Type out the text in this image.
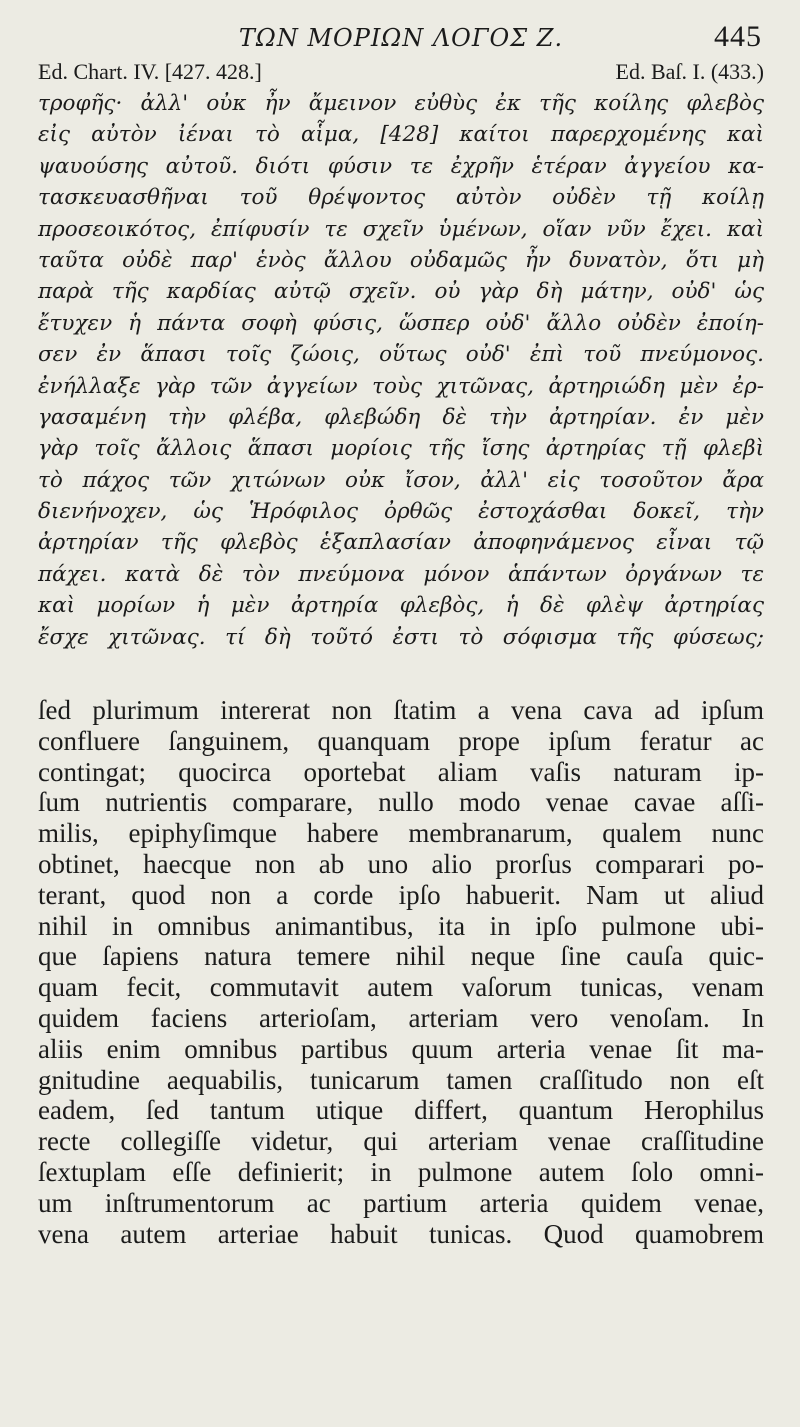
ΤΩΝ ΜΟΡΙΩΝ ΛΟΓΟΣ Ζ.	445
Ed. Chart. IV. [427. 428.]	Ed. Baſ. I. (433.)
τροφῆς· ἀλλ' οὐκ ἦν ἄμεινον εὐθὺς ἐκ τῆς κοίλης φλεβὸς
εἰς αὐτὸν ἰέναι τὸ αἷμα, [428] καίτοι παρερχομένης καὶ
ψαυούσης αὐτοῦ. διότι φύσιν τε ἐχρῆν ἑτέραν ἀγγείου κα-
τασκευασθῆναι τοῦ θρέψοντος αὐτὸν οὐδὲν τῇ κοίλῃ
προσεοικότος, ἐπίφυσίν τε σχεῖν ὑμένων, οἵαν νῦν ἔχει. καὶ
ταῦτα οὐδὲ παρ' ἑνὸς ἄλλου οὐδαμῶς ἦν δυνατὸν, ὅτι μὴ
παρὰ τῆς καρδίας αὐτῷ σχεῖν. οὐ γὰρ δὴ μάτην, οὐδ' ὡς
ἔτυχεν ἡ πάντα σοφὴ φύσις, ὥσπερ οὐδ' ἄλλο οὐδὲν ἐποίη-
σεν ἐν ἅπασι τοῖς ζώοις, οὕτως οὐδ' ἐπὶ τοῦ πνεύμονος.
ἐνήλλαξε γὰρ τῶν ἀγγείων τοὺς χιτῶνας, ἀρτηριώδη μὲν ἐρ-
γασαμένη τὴν φλέβα, φλεβώδη δὲ τὴν ἀρτηρίαν. ἐν μὲν
γὰρ τοῖς ἄλλοις ἅπασι μορίοις τῆς ἴσης ἀρτηρίας τῇ φλεβὶ
τὸ πάχος τῶν χιτώνων οὐκ ἴσον, ἀλλ' εἰς τοσοῦτον ἄρα
διενήνοχεν, ὡς Ἡρόφιλος ὀρθῶς ἐστοχάσθαι δοκεῖ, τὴν
ἀρτηρίαν τῆς φλεβὸς ἑξαπλασίαν ἀποφηνάμενος εἶναι τῷ
πάχει. κατὰ δὲ τὸν πνεύμονα μόνον ἁπάντων ὀργάνων τε
καὶ μορίων ἡ μὲν ἀρτηρία φλεβὸς, ἡ δὲ φλὲψ ἀρτηρίας
ἔσχε χιτῶνας. τί δὴ τοῦτό ἐστι τὸ σόφισμα τῆς φύσεως;
ſed plurimum intererat non ſtatim a vena cava ad ipſum
confluere ſanguinem, quanquam prope ipſum feratur ac
contingat; quocirca oportebat aliam vaſis naturam ip-
ſum nutrientis comparare, nullo modo venae cavae aſſi-
milis, epiphyſimque habere membranarum, qualem nunc
obtinet, haecque non ab uno alio prorſus comparari po-
terant, quod non a corde ipſo habuerit. Nam ut aliud
nihil in omnibus animantibus, ita in ipſo pulmone ubi-
que ſapiens natura temere nihil neque ſine cauſa quic-
quam fecit, commutavit autem vaſorum tunicas, venam
quidem faciens arterioſam, arteriam vero venoſam. In
aliis enim omnibus partibus quum arteria venae ſit ma-
gnitudine aequabilis, tunicarum tamen craſſitudo non eſt
eadem, ſed tantum utique differt, quantum Herophilus
recte collegiſſe videtur, qui arteriam venae craſſitudine
ſextuplam eſſe definierit; in pulmone autem ſolo omni-
um inſtrumentorum ac partium arteria quidem venae,
vena autem arteriae habuit tunicas. Quod quamobrem
